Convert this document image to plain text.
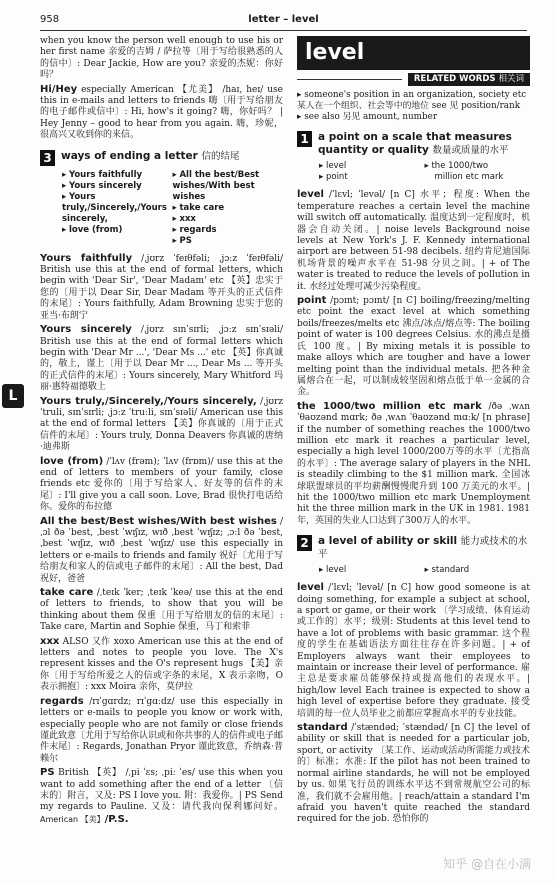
958	letter – level
L

when you know the person well enough to use his or her first name 亲爱的吉姆 / 萨拉等〔用于写给很熟悉的人的信中〕: Dear Jackie, How are you? 亲爱的杰妮：你好吗？

Hi/Hey especially American 【尤美】 /haɪ, heɪ/ use this in e-mails and letters to friends 嗨〔用于写给朋友的电子邮件或信中〕: Hi, how's it going? 嗨，你好吗？ | Hey Jenny – good to hear from you again. 嗨，珍妮，很高兴又收到你的来信。

3 ways of ending a letter 信的结尾
▸ Yours faithfully
▸ Yours sincerely
▸ Yours truly,/Sincerely,/Yours sincerely,
▸ love (from)
▸ All the best/Best wishes/With best wishes
▸ take care
▸ xxx
▸ regards
▸ PS

Yours faithfully /ˌjʊrz ˈfeɪθfəli; ˌjɔːz ˈfeɪθfəli/ British use this at the end of formal letters, which begin with 'Dear Sir', 'Dear Madam' etc 【英】忠实于您的〔用于以 Dear Sir, Dear Madam 等开头的正式信件的末尾〕: Yours faithfully, Adam Browning 忠实于您的亚当·布朗宁

Yours sincerely /ˌjʊrz sɪnˈsɪrli; ˌjɔːz sɪnˈsɪəli/ British use this at the end of formal letters which begin with 'Dear Mr ...', 'Dear Ms ...' etc 【英】你真诚的，敬上，谨上〔用于以 Dear Mr ..., Dear Ms ... 等开头的正式信件的末尾〕: Yours sincerely, Mary Whitford 玛丽·惠特福德敬上

Yours truly,/Sincerely,/Yours sincerely, /ˌjʊrz ˈtruli, sɪnˈsɪrli; ˌjɔːz ˈtruːli, sɪnˈsɪəli/ American use this at the end of formal letters 【美】你真诚的〔用于正式信件的末尾〕: Yours truly, Donna Deavers 你真诚的唐纳·迪弗斯

love (from) /ˈlʌv (frəm); ˈlʌv (frɒm)/ use this at the end of letters to members of your family, close friends etc 爱你的〔用于写给家人、好友等的信件的末尾〕: I'll give you a call soon. Love, Brad 很快打电话给你。爱你的布拉德

All the best/Best wishes/With best wishes /ˌɔl ðə ˈbest, ˌbest ˈwɪʃɪz, wɪð ˌbest ˈwɪʃɪz; ˌɔːl ðə ˈbest, ˌbest ˈwɪʃɪz, wɪð ˌbest ˈwɪʃɪz/ use this especially in letters or e-mails to friends and family 祝好〔尤用于写给朋友和家人的信或电子邮件的末尾〕: All the best, Dad 祝好，爸爸

take care /ˌteɪk ˈker; ˌteɪk ˈkeə/ use this at the end of letters to friends, to show that you will be thinking about them 保重〔用于写给朋友的信的末尾〕: Take care, Martin and Sophie 保重，马丁和索菲

xxx ALSO 又作 xoxo American use this at the end of letters and notes to people you love. The X's represent kisses and the O's represent hugs 【美】亲你〔用于写给所爱之人的信或字条的末尾，X 表示亲吻，O 表示拥抱〕: xxx Moira 亲你，莫伊拉

regards /rɪˈgɑrdz; rɪˈgɑːdz/ use this especially in letters or e-mails to people you know or work with, especially people who are not family or close friends 谨此致意〔尤用于写给你认识或和你共事的人的信件或电子邮件末尾〕: Regards, Jonathan Pryor 谨此致意，乔纳森·普赖尔

PS British 【英】 /ˌpi ˈɛs; ˌpiː ˈes/ use this when you want to add something after the end of a letter 〔信末的〕附言，又及: PS I love you. 附：我爱你。| PS Send my regards to Pauline. 又及：请代我向保利娜问好。 American 【美】/P.S.

level
RELATED WORDS 相关词
▸ someone's position in an organization, society etc 某人在一个组织、社会等中的地位 see 见 position/rank
▸ see also 另见 amount, number
1 a point on a scale that measures quantity or quality 数量或质量的水平
▸ level
▸ point
▸ the 1000/two
million etc mark

level /ˈlɛvl; ˈlevəl/ [n C] 水平；程度: When the temperature reaches a certain level the machine will switch off automatically. 温度达到一定程度时，机器会自动关闭。| noise levels Background noise levels at New York's J. F. Kennedy international airport are between 51-98 decibels. 纽约肯尼迪国际机场背景的噪声水平在 51-98 分贝之间。| + of The water is treated to reduce the levels of pollution in it. 水经过处理可减少污染程度。

point /pɔɪnt; pɔɪnt/ [n C] boiling/freezing/melting etc point the exact level at which something boils/freezes/melts etc 沸点/冰点/熔点等: The boiling point of water is 100 degrees Celsius. 水的沸点是摄氏 100 度。| By mixing metals it is possible to make alloys which are tougher and have a lower melting point than the individual metals. 把各种金属熔合在一起，可以制成较坚固和熔点低于单一金属的合金。

the 1000/two million etc mark /ðə ˌwʌn ˈθaʊzənd mɑrk; ðə ˌwʌn ˈθaʊzənd mɑːk/ [n phrase] if the number of something reaches the 1000/two million etc mark it reaches a particular level, especially a high level 1000/200万等的水平〔尤指高的水平〕: The average salary of players in the NHL is steadily climbing to the $1 million mark. 全国冰球联盟球员的平均薪酬慢慢爬升到 100 万美元的水平。| hit the 1000/two million etc mark Unemployment hit the three million mark in the UK in 1981. 1981 年，英国的失业人口达到了300万人的水平。

2 a level of ability or skill 能力或技术的水平
▸ level
▸	standard

level /ˈlɛvl; ˈlevəl/ [n C] how good someone is at doing something, for example a subject at school, a sport or game, or their work 〔学习成绩、体育运动或工作的〕水平；级别: Students at this level tend to have a lot of problems with basic grammar. 这个程度的学生在基础语法方面往往存在许多问题。| + of Employers always want their employees to maintain or increase their level of performance. 雇主总是要求雇员能够保持或提高他们的表现水平。| high/low level Each trainee is expected to show a high level of expertise before they graduate. 接受培训的每一位人员毕业之前都应掌握高水平的专业技能。

standard /ˈstændəd; ˈstændəd/ [n C] the level of ability or skill that is needed for a particular job, sport, or activity 〔某工作、运动或活动所需能力或技术的〕标准；水准: If the pilot has not been trained to normal airline standards, he will not be employed by us. 如果飞行员的训练水平达不到常规航空公司的标准，我们就不会雇用他。| reach/attain a standard I'm afraid you haven't quite reached the standard required for the job. 恐怕你的

知乎 @自在小满
